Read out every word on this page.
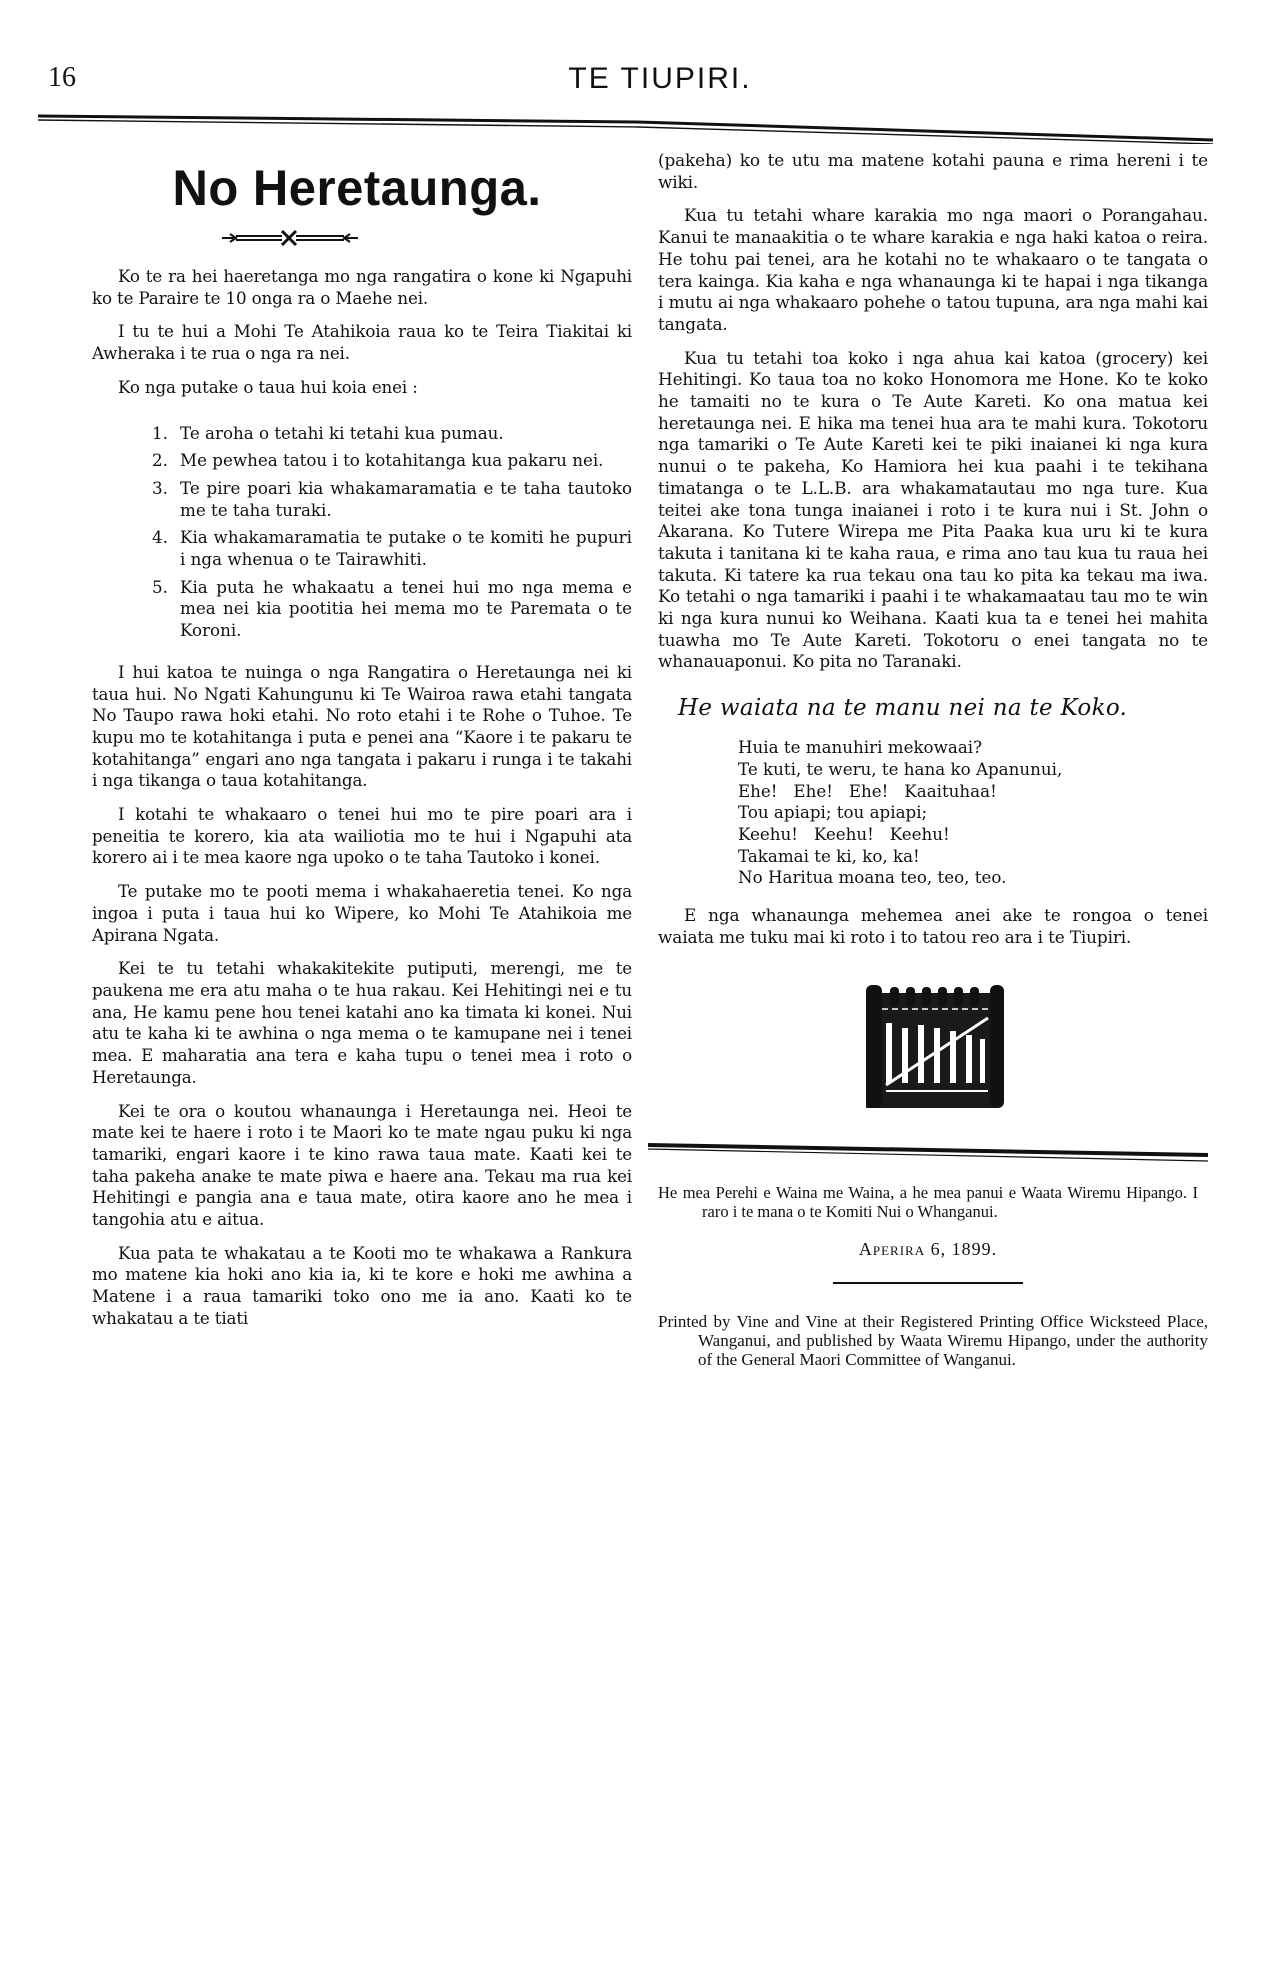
16	TE TIUPIRI.
No Heretaunga.

Ko te ra hei haeretanga mo nga rangatira o kone ki Ngapuhi ko te Paraire te 10 onga ra o Maehe nei.

I tu te hui a Mohi Te Atahikoia raua ko te Teira Tiakitai ki Awheraka i te rua o nga ra nei.

Ko nga putake o taua hui koia enei :

1. Te aroha o tetahi ki tetahi kua pumau.
2. Me pewhea tatou i to kotahitanga kua pakaru nei.
3. Te pire poari kia whakamaramatia e te taha tautoko me te taha turaki.
4. Kia whakamaramatia te putake o te komiti he pupuri i nga whenua o te Tairawhiti.
5. Kia puta he whakaatu a tenei hui mo nga mema e mea nei kia pootitia hei mema mo te Paremata o te Koroni.

I hui katoa te nuinga o nga Rangatira o Heretaunga nei ki taua hui. No Ngati Kahungunu ki Te Wairoa rawa etahi tangata No Taupo rawa hoki etahi. No roto etahi i te Rohe o Tuhoe. Te kupu mo te kotahitanga i puta e penei ana “Kaore i te pakaru te kotahitanga” engari ano nga tangata i pakaru i runga i te takahi i nga tikanga o taua kotahitanga.

I kotahi te whakaaro o tenei hui mo te pire poari ara i peneitia te korero, kia ata wailiotia mo te hui i Ngapuhi ata korero ai i te mea kaore nga upoko o te taha Tautoko i konei.

Te putake mo te pooti mema i whakahaeretia tenei. Ko nga ingoa i puta i taua hui ko Wipere, ko Mohi Te Atahikoia me Apirana Ngata.

Kei te tu tetahi whakakitekite putiputi, merengi, me te paukena me era atu maha o te hua rakau. Kei Hehitingi nei e tu ana, He kamu pene hou tenei katahi ano ka timata ki konei. Nui atu te kaha ki te awhina o nga mema o te kamupane nei i tenei mea. E maharatia ana tera e kaha tupu o tenei mea i roto o Heretaunga.

Kei te ora o koutou whanaunga i Heretaunga nei. Heoi te mate kei te haere i roto i te Maori ko te mate ngau puku ki nga tamariki, engari kaore i te kino rawa taua mate. Kaati kei te taha pakeha anake te mate piwa e haere ana. Tekau ma rua kei Hehitingi e pangia ana e taua mate, otira kaore ano he mea i tangohia atu e aitua.

Kua pata te whakatau a te Kooti mo te whakawa a Rankura mo matene kia hoki ano kia ia, ki te kore e hoki me awhina a Matene i a raua tamariki toko ono me ia ano. Kaati ko te whakatau a te tiati

(pakeha) ko te utu ma matene kotahi pauna e rima hereni i te wiki.

Kua tu tetahi whare karakia mo nga maori o Porangahau. Kanui te manaakitia o te whare karakia e nga haki katoa o reira. He tohu pai tenei, ara he kotahi no te whakaaro o te tangata o tera kainga. Kia kaha e nga whanaunga ki te hapai i nga tikanga i mutu ai nga whakaaro pohehe o tatou tupuna, ara nga mahi kai tangata.

Kua tu tetahi toa koko i nga ahua kai katoa (grocery) kei Hehitingi. Ko taua toa no koko Honomora me Hone. Ko te koko he tamaiti no te kura o Te Aute Kareti. Ko ona matua kei heretaunga nei. E hika ma tenei hua ara te mahi kura. Tokotoru nga tamariki o Te Aute Kareti kei te piki inaianei ki nga kura nunui o te pakeha, Ko Hamiora hei kua paahi i te tekihana timatanga o te L.L.B. ara whakamatautau mo nga ture. Kua teitei ake tona tunga inaianei i roto i te kura nui i St. John o Akarana. Ko Tutere Wirepa me Pita Paaka kua uru ki te kura takuta i tanitana ki te kaha raua, e rima ano tau kua tu raua hei takuta. Ki tatere ka rua tekau ona tau ko pita ka tekau ma iwa. Ko tetahi o nga tamariki i paahi i te whakamaatau tau mo te win ki nga kura nunui ko Weihana. Kaati kua ta e tenei hei mahita tuawha mo Te Aute Kareti. Tokotoru o enei tangata no te whanauaponui. Ko pita no Taranaki.

He waiata na te manu nei na te Koko.
Huia te manuhiri mekowaai?
Te kuti, te weru, te hana ko Apanunui,
Ehe!   Ehe!   Ehe!   Kaaituhaa!
Tou apiapi; tou apiapi;
Keehu!   Keehu!   Keehu!
Takamai te ki, ko, ka!
No Haritua moana teo, teo, teo.

E nga whanaunga mehemea anei ake te rongoa o tenei waiata me tuku mai ki roto i to tatou reo ara i te Tiupiri.

He mea Perehi e Waina me Waina, a he mea panui e Waata Wiremu Hipango. I raro i te mana o te Komiti Nui o Whanganui.

Aperira 6, 1899.

Printed by Vine and Vine at their Registered Printing Office Wicksteed Place, Wanganui, and published by Waata Wiremu Hipango, under the authority of the General Maori Committee of Wanganui.
